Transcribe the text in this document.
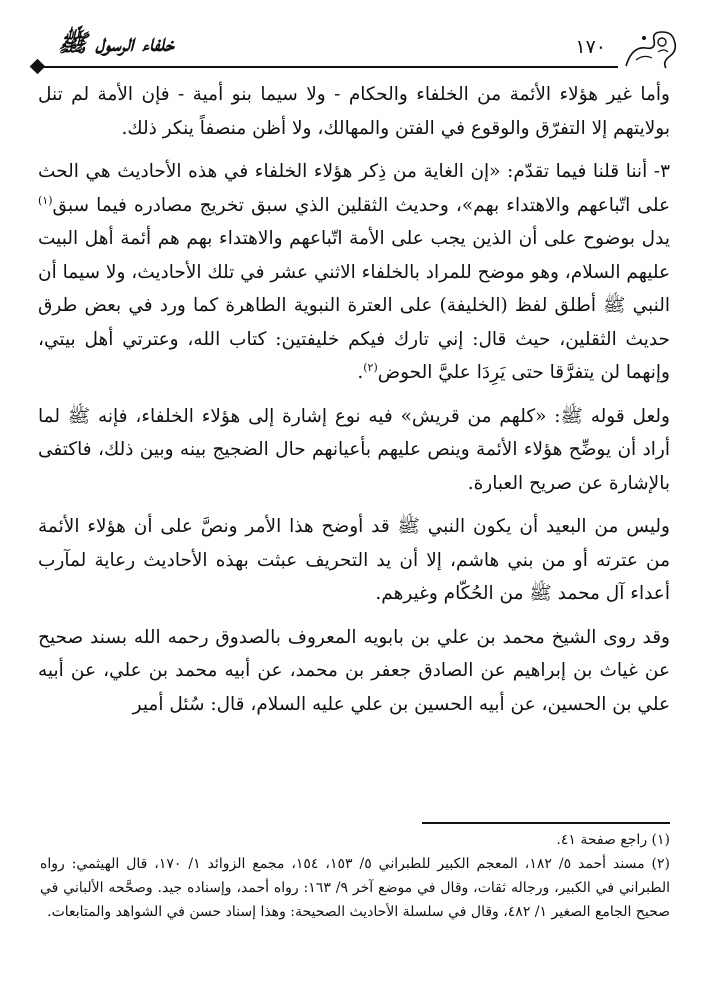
خلفاء الرسول ﷺ	١٧٠

وأما غير هؤلاء الأئمة من الخلفاء والحكام - ولا سيما بنو أمية - فإن الأمة لم تنل بولايتهم إلا التفرّق والوقوع في الفتن والمهالك، ولا أظن منصفاً ينكر ذلك.

٣- أننا قلنا فيما تقدّم: «إن الغاية من ذِكر هؤلاء الخلفاء في هذه الأحاديث هي الحث على اتّباعهم والاهتداء بهم»، وحديث الثقلين الذي سبق تخريج مصادره فيما سبق$^{(١)}$ يدل بوضوح على أن الذين يجب على الأمة اتّباعهم والاهتداء بهم هم أئمة أهل البيت عليهم السلام، وهو موضح للمراد بالخلفاء الاثني عشر في تلك الأحاديث، ولا سيما أن النبي ﷺ أطلق لفظ (الخليفة) على العترة النبوية الطاهرة كما ورد في بعض طرق حديث الثقلين، حيث قال: إني تارك فيكم خليفتين: كتاب الله، وعترتي أهل بيتي، وإنهما لن يتفرَّقا حتى يَرِدَا عليَّ الحوض$^{(٢)}$.

ولعل قوله ﷺ: «كلهم من قريش» فيه نوع إشارة إلى هؤلاء الخلفاء، فإنه ﷺ لما أراد أن يوضِّح هؤلاء الأئمة وينص عليهم بأعيانهم حال الضجيج بينه وبين ذلك، فاكتفى بالإشارة عن صريح العبارة.

وليس من البعيد أن يكون النبي ﷺ قد أوضح هذا الأمر ونصَّ على أن هؤلاء الأئمة من عترته أو من بني هاشم، إلا أن يد التحريف عبثت بهذه الأحاديث رعاية لمآرب أعداء آل محمد ﷺ من الحُكّام وغيرهم.

وقد روى الشيخ محمد بن علي بن بابويه المعروف بالصدوق رحمه الله بسند صحيح عن غياث بن إبراهيم عن الصادق جعفر بن محمد، عن أبيه محمد بن علي، عن أبيه علي بن الحسين، عن أبيه الحسين بن علي عليه السلام، قال: سُئل أمير

(١) راجع صفحة ٤١.

(٢) مسند أحمد ٥/ ١٨٢، المعجم الكبير للطبراني ٥/ ١٥٣، ١٥٤، مجمع الزوائد ١/ ١٧٠، قال الهيثمي: رواه الطبراني في الكبير، ورجاله ثقات، وقال في موضع آخر ٩/ ١٦٣: رواه أحمد، وإسناده جيد. وصحَّحه الألباني في صحيح الجامع الصغير ١/ ٤٨٢، وقال في سلسلة الأحاديث الصحيحة: وهذا إسناد حسن في الشواهد والمتابعات.
